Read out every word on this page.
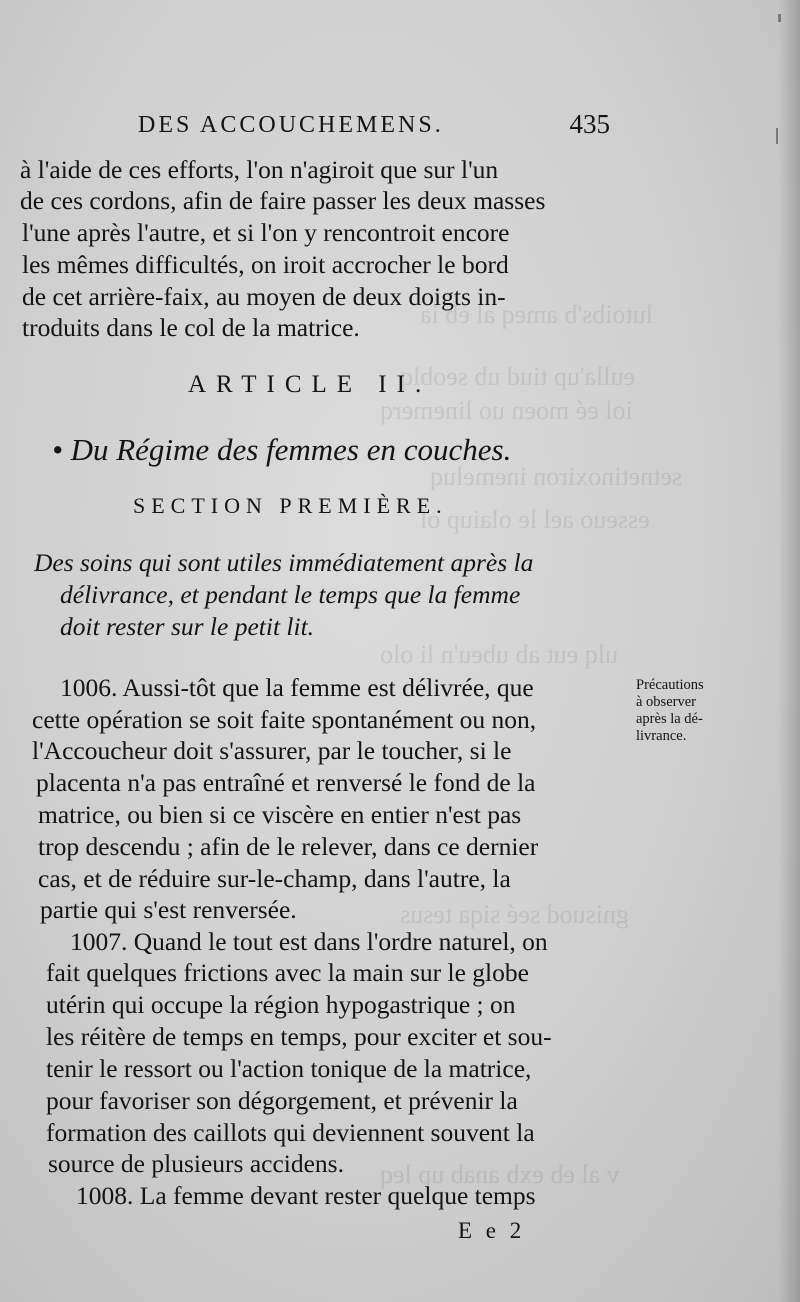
lutoibs'b ameq al eb ia
eulla'up tiud ub seoblq
iol eé moen uo linemerq
setnetinoxiron inemeluq
esseuo ael le olaiup ol
ulq eut ab ubeu'n li olo
gnisuod seé siqa tesus
v al eb exb anab up leq
DES ACCOUCHEMENS.	435
à l'aide de ces efforts, l'on n'agiroit que sur l'un
de ces cordons, afin de faire passer les deux masses
l'une après l'autre, et si l'on y rencontroit encore
les mêmes difficultés, on iroit accrocher le bord
de cet arrière-faix, au moyen de deux doigts in-
troduits dans le col de la matrice.
ARTICLE II.
• Du Régime des femmes en couches.
SECTION PREMIÈRE.
Des soins qui sont utiles immédiatement après la
délivrance, et pendant le temps que la femme
doit rester sur le petit lit.
Précautions
à observer
après la dé-
livrance.
1006. Aussi-tôt que la femme est délivrée, que
cette opération se soit faite spontanément ou non,
l'Accoucheur doit s'assurer, par le toucher, si le
placenta n'a pas entraîné et renversé le fond de la
matrice, ou bien si ce viscère en entier n'est pas
trop descendu ; afin de le relever, dans ce dernier
cas, et de réduire sur-le-champ, dans l'autre, la
partie qui s'est renversée.
1007. Quand le tout est dans l'ordre naturel, on
fait quelques frictions avec la main sur le globe
utérin qui occupe la région hypogastrique ; on
les réitère de temps en temps, pour exciter et sou-
tenir le ressort ou l'action tonique de la matrice,
pour favoriser son dégorgement, et prévenir la
formation des caillots qui deviennent souvent la
source de plusieurs accidens.
1008. La femme devant rester quelque temps
E e 2
